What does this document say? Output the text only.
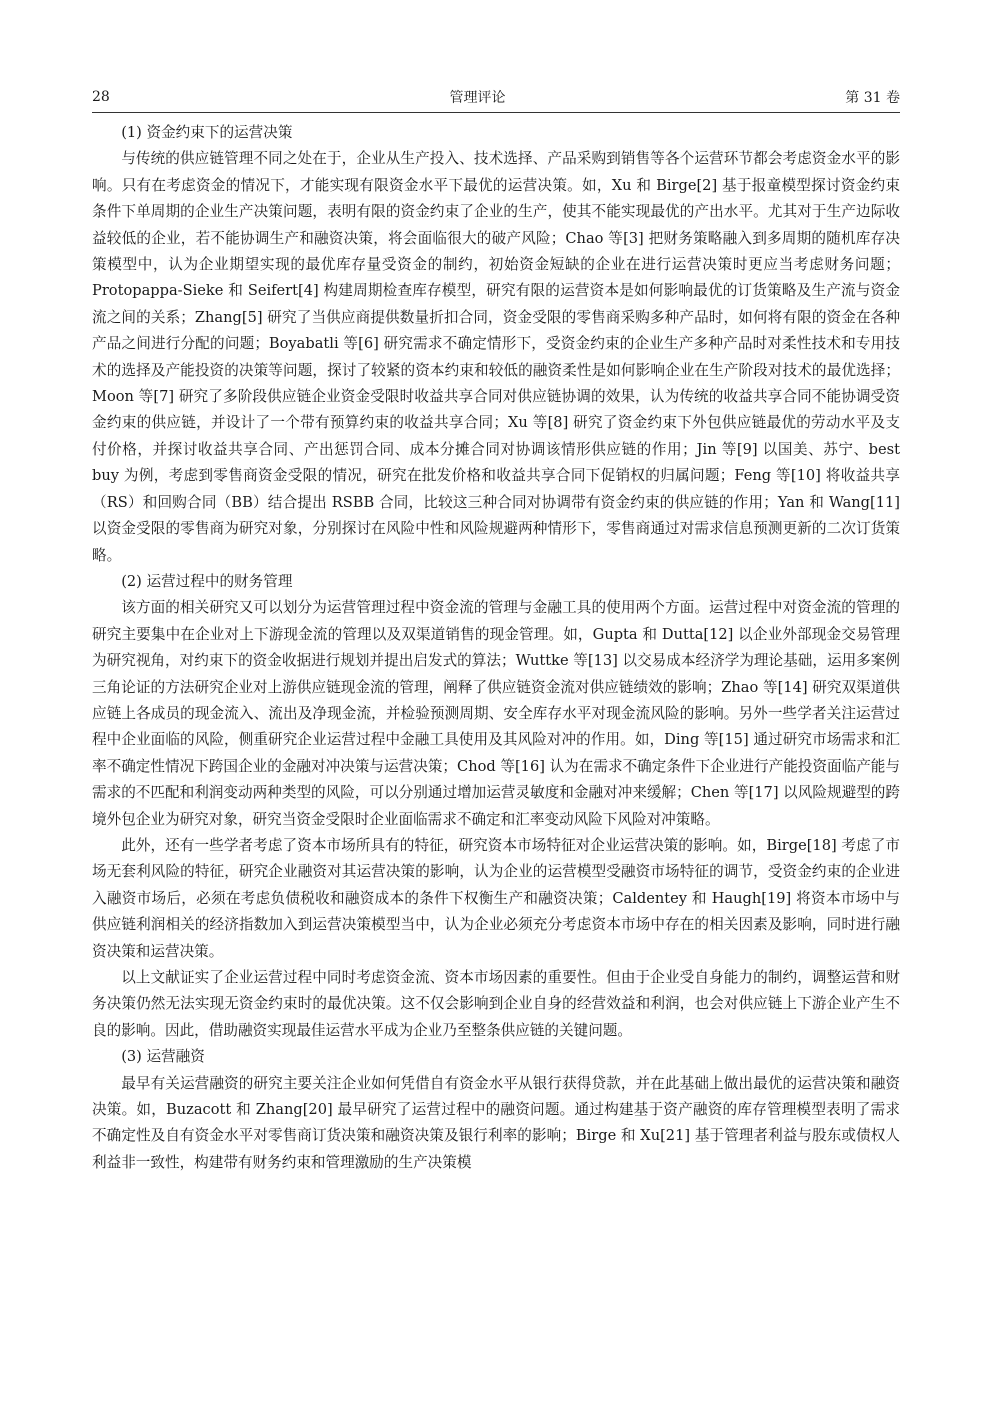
28	管理评论	第 31 卷

(1) 资金约束下的运营决策

与传统的供应链管理不同之处在于，企业从生产投入、技术选择、产品采购到销售等各个运营环节都会考虑资金水平的影响。只有在考虑资金的情况下，才能实现有限资金水平下最优的运营决策。如，Xu 和 Birge[2] 基于报童模型探讨资金约束条件下单周期的企业生产决策问题，表明有限的资金约束了企业的生产，使其不能实现最优的产出水平。尤其对于生产边际收益较低的企业，若不能协调生产和融资决策，将会面临很大的破产风险；Chao 等[3] 把财务策略融入到多周期的随机库存决策模型中，认为企业期望实现的最优库存量受资金的制约，初始资金短缺的企业在进行运营决策时更应当考虑财务问题；Protopappa-Sieke 和 Seifert[4] 构建周期检查库存模型，研究有限的运营资本是如何影响最优的订货策略及生产流与资金流之间的关系；Zhang[5] 研究了当供应商提供数量折扣合同，资金受限的零售商采购多种产品时，如何将有限的资金在各种产品之间进行分配的问题；Boyabatli 等[6] 研究需求不确定情形下，受资金约束的企业生产多种产品时对柔性技术和专用技术的选择及产能投资的决策等问题，探讨了较紧的资本约束和较低的融资柔性是如何影响企业在生产阶段对技术的最优选择；Moon 等[7] 研究了多阶段供应链企业资金受限时收益共享合同对供应链协调的效果，认为传统的收益共享合同不能协调受资金约束的供应链，并设计了一个带有预算约束的收益共享合同；Xu 等[8] 研究了资金约束下外包供应链最优的劳动水平及支付价格，并探讨收益共享合同、产出惩罚合同、成本分摊合同对协调该情形供应链的作用；Jin 等[9] 以国美、苏宁、best buy 为例，考虑到零售商资金受限的情况，研究在批发价格和收益共享合同下促销权的归属问题；Feng 等[10] 将收益共享（RS）和回购合同（BB）结合提出 RSBB 合同，比较这三种合同对协调带有资金约束的供应链的作用；Yan 和 Wang[11] 以资金受限的零售商为研究对象，分别探讨在风险中性和风险规避两种情形下，零售商通过对需求信息预测更新的二次订货策略。

(2) 运营过程中的财务管理

该方面的相关研究又可以划分为运营管理过程中资金流的管理与金融工具的使用两个方面。运营过程中对资金流的管理的研究主要集中在企业对上下游现金流的管理以及双渠道销售的现金管理。如，Gupta 和 Dutta[12] 以企业外部现金交易管理为研究视角，对约束下的资金收据进行规划并提出启发式的算法；Wuttke 等[13] 以交易成本经济学为理论基础，运用多案例三角论证的方法研究企业对上游供应链现金流的管理，阐释了供应链资金流对供应链绩效的影响；Zhao 等[14] 研究双渠道供应链上各成员的现金流入、流出及净现金流，并检验预测周期、安全库存水平对现金流风险的影响。另外一些学者关注运营过程中企业面临的风险，侧重研究企业运营过程中金融工具使用及其风险对冲的作用。如，Ding 等[15] 通过研究市场需求和汇率不确定性情况下跨国企业的金融对冲决策与运营决策；Chod 等[16] 认为在需求不确定条件下企业进行产能投资面临产能与需求的不匹配和利润变动两种类型的风险，可以分别通过增加运营灵敏度和金融对冲来缓解；Chen 等[17] 以风险规避型的跨境外包企业为研究对象，研究当资金受限时企业面临需求不确定和汇率变动风险下风险对冲策略。

此外，还有一些学者考虑了资本市场所具有的特征，研究资本市场特征对企业运营决策的影响。如，Birge[18] 考虑了市场无套利风险的特征，研究企业融资对其运营决策的影响，认为企业的运营模型受融资市场特征的调节，受资金约束的企业进入融资市场后，必须在考虑负债税收和融资成本的条件下权衡生产和融资决策；Caldentey 和 Haugh[19] 将资本市场中与供应链利润相关的经济指数加入到运营决策模型当中，认为企业必须充分考虑资本市场中存在的相关因素及影响，同时进行融资决策和运营决策。

以上文献证实了企业运营过程中同时考虑资金流、资本市场因素的重要性。但由于企业受自身能力的制约，调整运营和财务决策仍然无法实现无资金约束时的最优决策。这不仅会影响到企业自身的经营效益和利润，也会对供应链上下游企业产生不良的影响。因此，借助融资实现最佳运营水平成为企业乃至整条供应链的关键问题。

(3) 运营融资

最早有关运营融资的研究主要关注企业如何凭借自有资金水平从银行获得贷款，并在此基础上做出最优的运营决策和融资决策。如，Buzacott 和 Zhang[20] 最早研究了运营过程中的融资问题。通过构建基于资产融资的库存管理模型表明了需求不确定性及自有资金水平对零售商订货决策和融资决策及银行利率的影响；Birge 和 Xu[21] 基于管理者利益与股东或债权人利益非一致性，构建带有财务约束和管理激励的生产决策模
